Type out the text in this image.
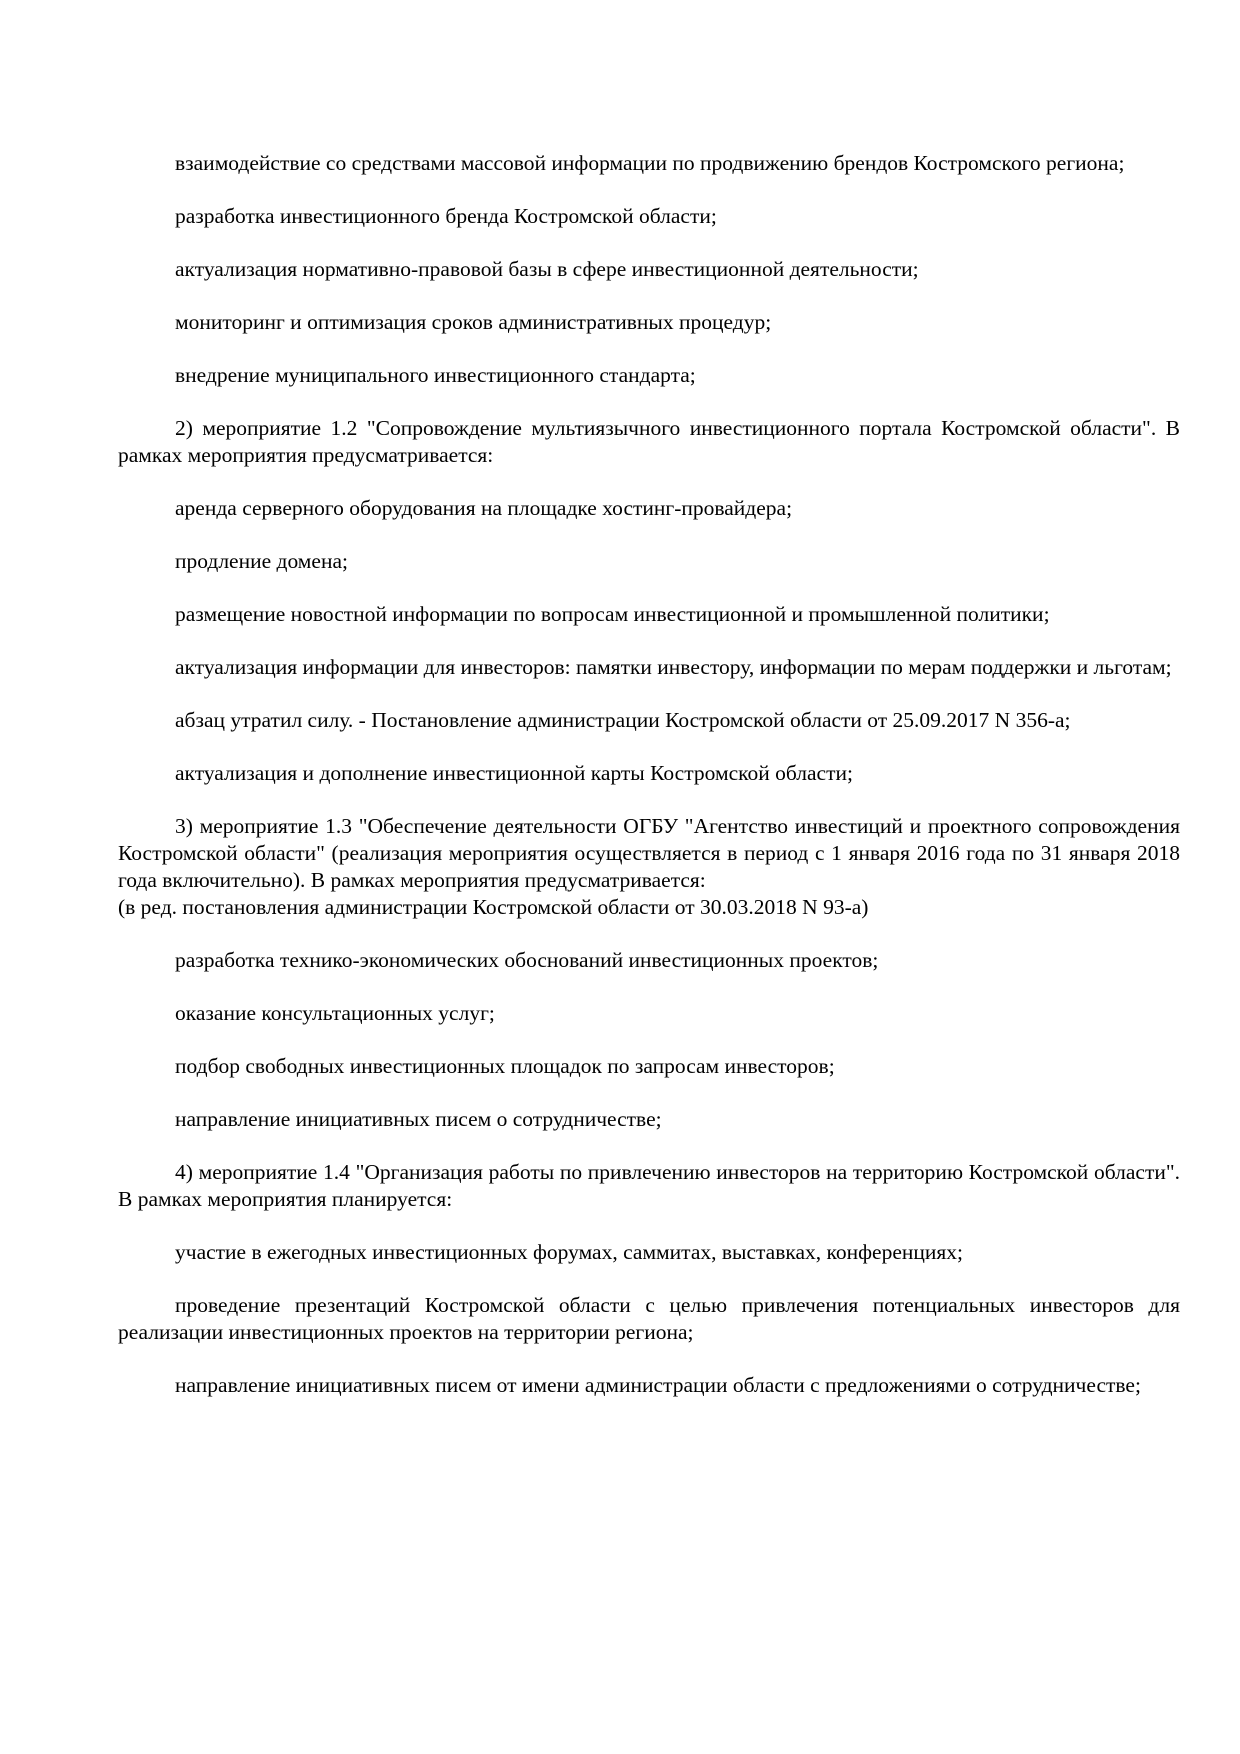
взаимодействие со средствами массовой информации по продвижению брендов Костромского региона;

разработка инвестиционного бренда Костромской области;

актуализация нормативно-правовой базы в сфере инвестиционной деятельности;

мониторинг и оптимизация сроков административных процедур;

внедрение муниципального инвестиционного стандарта;

2) мероприятие 1.2 "Сопровождение мультиязычного инвестиционного портала Костромской области". В рамках мероприятия предусматривается:

аренда серверного оборудования на площадке хостинг-провайдера;

продление домена;

размещение новостной информации по вопросам инвестиционной и промышленной политики;

актуализация информации для инвесторов: памятки инвестору, информации по мерам поддержки и льготам;

абзац утратил силу. - Постановление администрации Костромской области от 25.09.2017 N 356-а;

актуализация и дополнение инвестиционной карты Костромской области;

3) мероприятие 1.3 "Обеспечение деятельности ОГБУ "Агентство инвестиций и проектного сопровождения Костромской области" (реализация мероприятия осуществляется в период с 1 января 2016 года по 31 января 2018 года включительно). В рамках мероприятия предусматривается:

(в ред. постановления администрации Костромской области от 30.03.2018 N 93-а)

разработка технико-экономических обоснований инвестиционных проектов;

оказание консультационных услуг;

подбор свободных инвестиционных площадок по запросам инвесторов;

направление инициативных писем о сотрудничестве;

4) мероприятие 1.4 "Организация работы по привлечению инвесторов на территорию Костромской области". В рамках мероприятия планируется:

участие в ежегодных инвестиционных форумах, саммитах, выставках, конференциях;

проведение презентаций Костромской области с целью привлечения потенциальных инвесторов для реализации инвестиционных проектов на территории региона;

направление инициативных писем от имени администрации области с предложениями о сотрудничестве;
